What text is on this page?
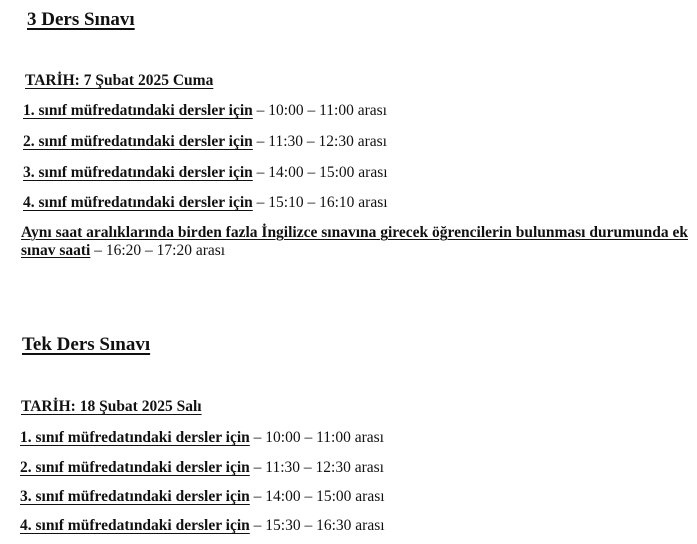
3 Ders Sınavı

TARİH: 7 Şubat 2025 Cuma

1. sınıf müfredatındaki dersler için – 10:00 – 11:00 arası

2. sınıf müfredatındaki dersler için – 11:30 – 12:30 arası

3. sınıf müfredatındaki dersler için – 14:00 – 15:00 arası

4. sınıf müfredatındaki dersler için – 15:10 – 16:10 arası

Aynı saat aralıklarında birden fazla İngilizce sınavına girecek öğrencilerin bulunması durumunda ek sınav saati – 16:20 – 17:20 arası

Tek Ders Sınavı

TARİH: 18 Şubat 2025 Salı

1. sınıf müfredatındaki dersler için – 10:00 – 11:00 arası

2. sınıf müfredatındaki dersler için – 11:30 – 12:30 arası

3. sınıf müfredatındaki dersler için – 14:00 – 15:00 arası

4. sınıf müfredatındaki dersler için – 15:30 – 16:30 arası
